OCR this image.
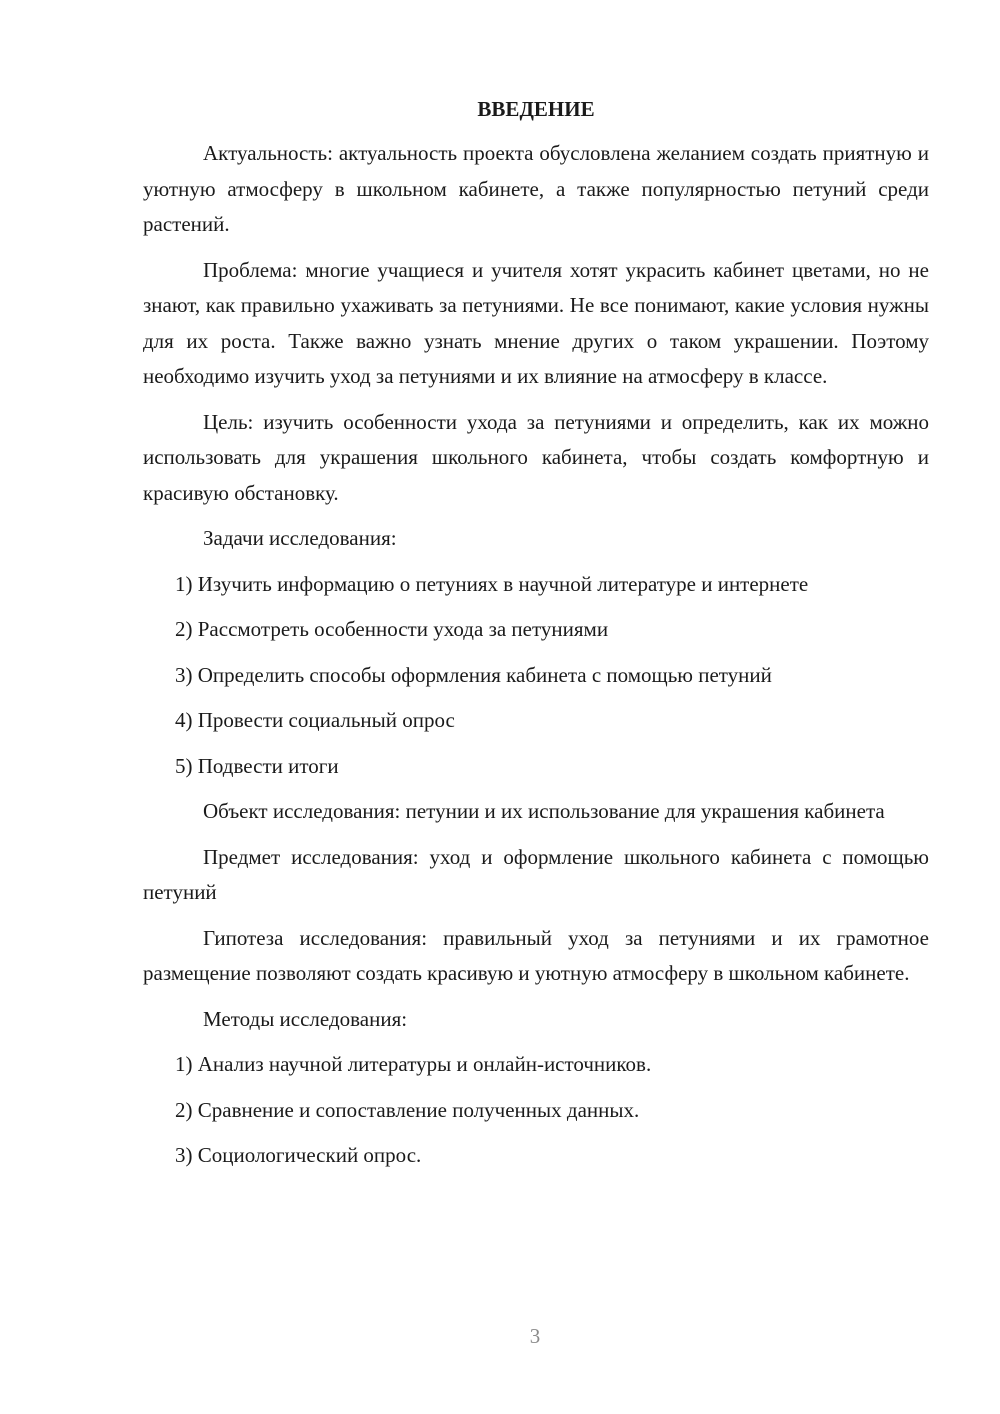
ВВЕДЕНИЕ

Актуальность: актуальность проекта обусловлена желанием создать приятную и уютную атмосферу в школьном кабинете, а также популярностью петуний среди растений.

Проблема: многие учащиеся и учителя хотят украсить кабинет цветами, но не знают, как правильно ухаживать за петуниями. Не все понимают, какие условия нужны для их роста. Также важно узнать мнение других о таком украшении. Поэтому необходимо изучить уход за петуниями и их влияние на атмосферу в классе.

Цель: изучить особенности ухода за петуниями и определить, как их можно использовать для украшения школьного кабинета, чтобы создать комфортную и красивую обстановку.

Задачи исследования:
1) Изучить информацию о петуниях в научной литературе и интернете
2) Рассмотреть особенности ухода за петуниями
3) Определить способы оформления кабинета с помощью петуний
4) Провести социальный опрос
5) Подвести итоги

Объект исследования: петунии и их использование для украшения кабинета

Предмет исследования: уход и оформление школьного кабинета с помощью петуний

Гипотеза исследования: правильный уход за петуниями и их грамотное размещение позволяют создать красивую и уютную атмосферу в школьном кабинете.

Методы исследования:
1) Анализ научной литературы и онлайн-источников.
2) Сравнение и сопоставление полученных данных.
3) Социологический опрос.
3
